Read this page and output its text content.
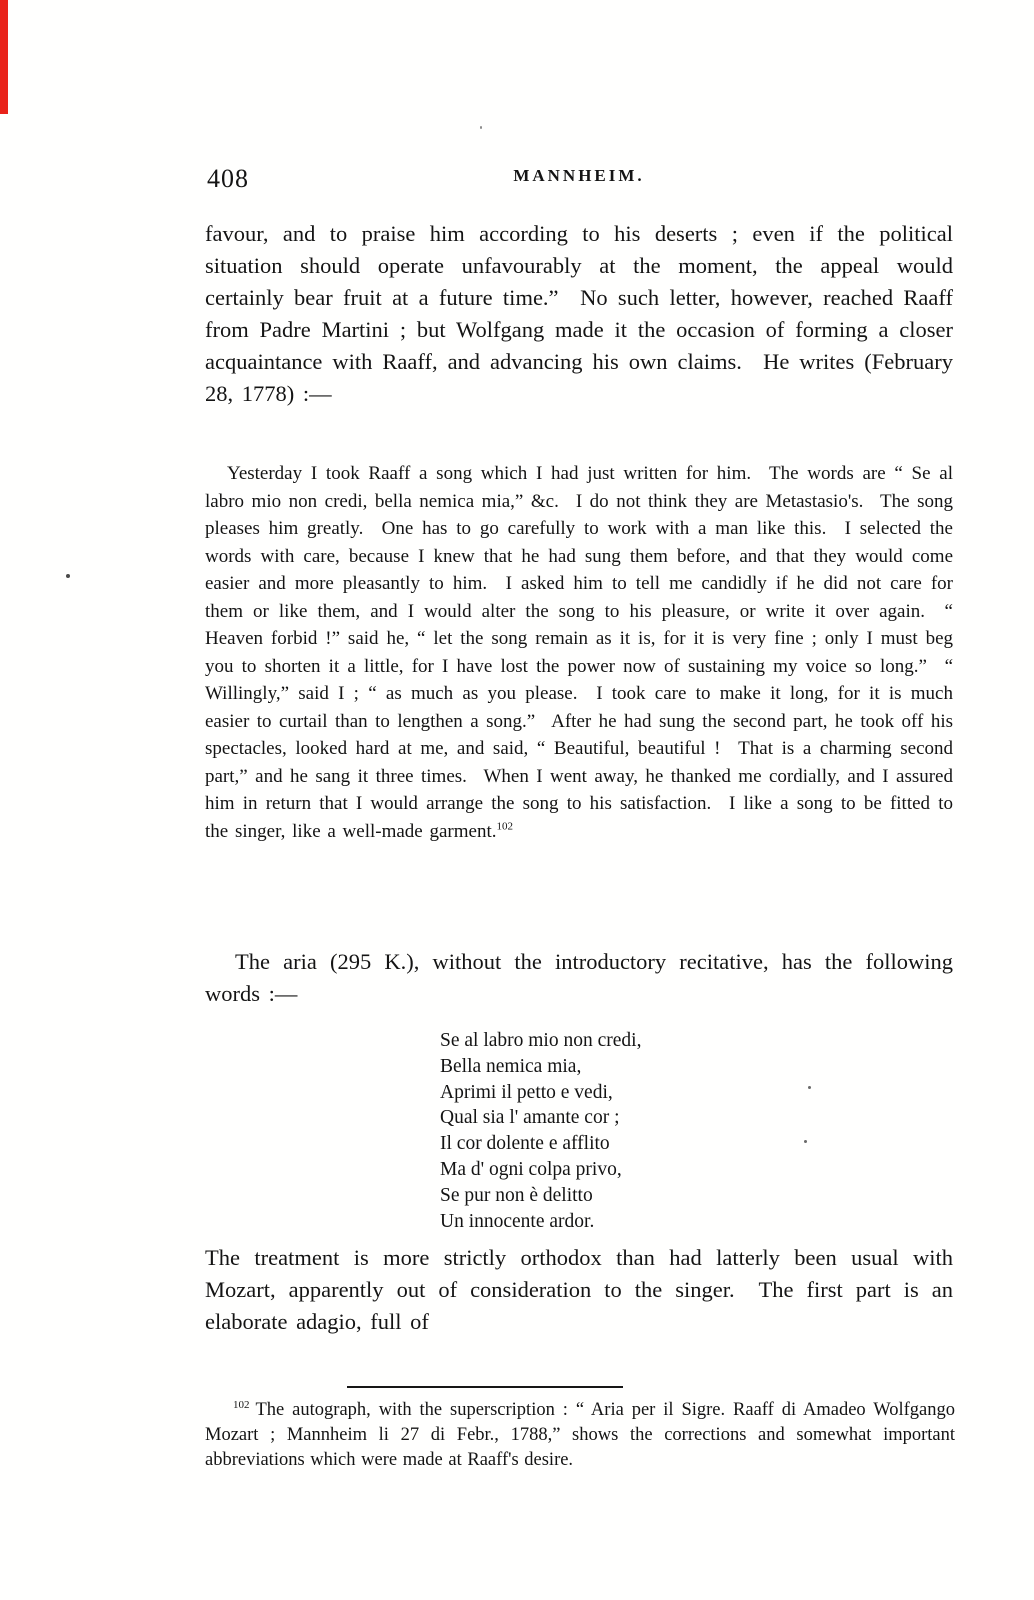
408	MANNHEIM.

favour, and to praise him according to his deserts ; even if the political situation should operate unfavourably at the moment, the appeal would certainly bear fruit at a future time.”  No such letter, however, reached Raaff from Padre Martini ; but Wolfgang made it the occasion of forming a closer acquaintance with Raaff, and advancing his own claims.  He writes (February 28, 1778) :—

Yesterday I took Raaff a song which I had just written for him.  The words are “ Se al labro mio non credi, bella nemica mia,” &c.  I do not think they are Metastasio's.  The song pleases him greatly.  One has to go carefully to work with a man like this.  I selected the words with care, because I knew that he had sung them before, and that they would come easier and more pleasantly to him.  I asked him to tell me candidly if he did not care for them or like them, and I would alter the song to his pleasure, or write it over again.  “ Heaven forbid !” said he, “ let the song remain as it is, for it is very fine ; only I must beg you to shorten it a little, for I have lost the power now of sustaining my voice so long.”  “ Willingly,” said I ; “ as much as you please.  I took care to make it long, for it is much easier to curtail than to lengthen a song.”  After he had sung the second part, he took off his spectacles, looked hard at me, and said, “ Beautiful, beautiful !  That is a charming second part,” and he sang it three times.  When I went away, he thanked me cordially, and I assured him in return that I would arrange the song to his satisfaction.  I like a song to be fitted to the singer, like a well-made garment.$^{102}$

The aria (295 K.), without the introductory recitative, has the following words :—

Se al labro mio non credi,
Bella nemica mia,
Aprimi il petto e vedi,
Qual sia l' amante cor ;
Il cor dolente e afflito
Ma d' ogni colpa privo,
Se pur non è delitto
Un innocente ardor.

The treatment is more strictly orthodox than had latterly been usual with Mozart, apparently out of consideration to the singer.  The first part is an elaborate adagio, full of

$^{102}$ The autograph, with the superscription : “ Aria per il Sigre. Raaff di Amadeo Wolfgango Mozart ; Mannheim li 27 di Febr., 1788,” shows the corrections and somewhat important abbreviations which were made at Raaff's desire.
